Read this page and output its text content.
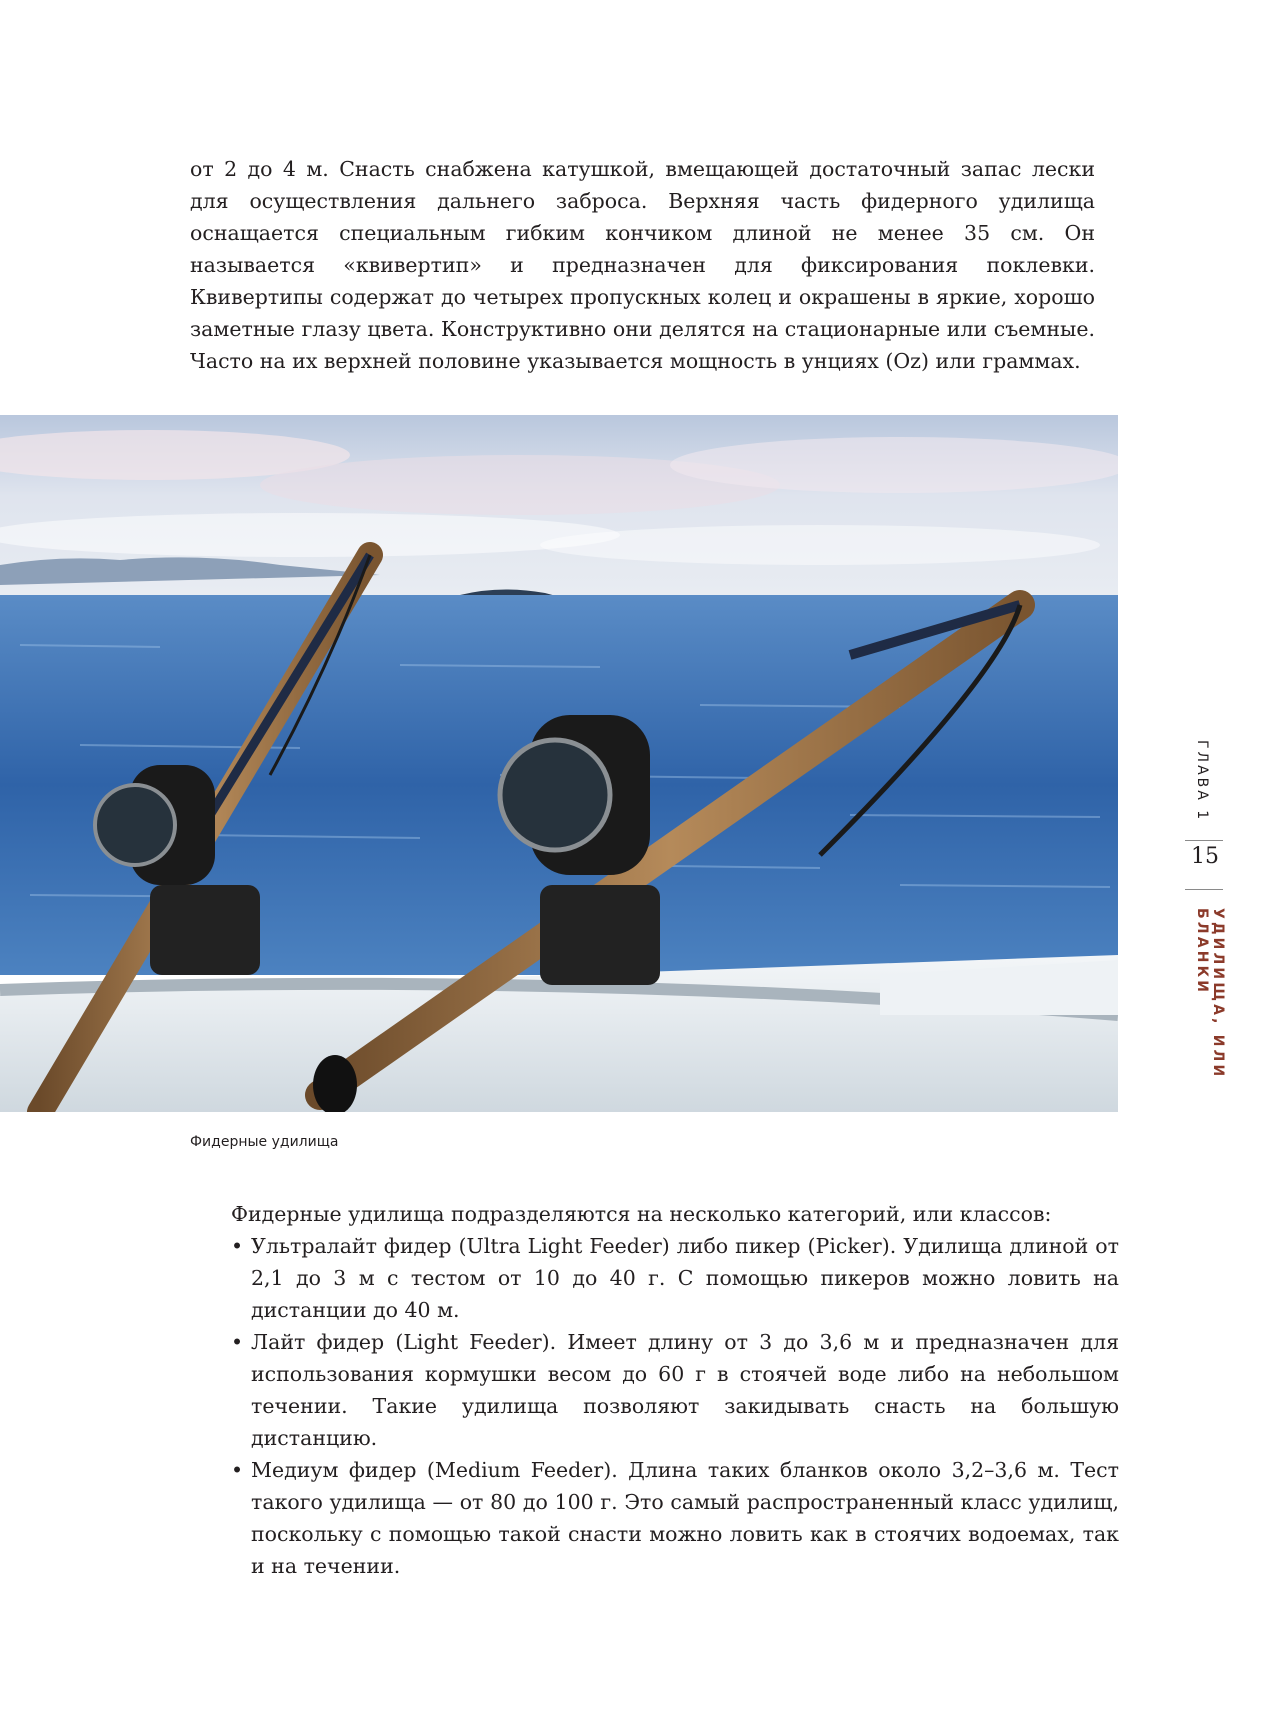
от 2 до 4 м. Снасть снабжена катушкой, вмещающей достаточный запас лески для осуществления дальнего заброса. Верхняя часть фидерного удилища оснащается специальным гибким кончиком длиной не менее 35 см. Он называется «квивертип» и предназначен для фиксирования поклевки. Квивертипы содержат до четырех пропускных колец и окрашены в яркие, хорошо заметные глазу цвета. Конструктивно они делятся на стационарные или съемные. Часто на их верхней половине указывается мощность в унциях (Oz) или граммах.

Фидерные удилища

Фидерные удилища подразделяются на несколько категорий, или классов:

• Ультралайт фидер (Ultra Light Feeder) либо пикер (Picker). Удилища длиной от 2,1 до 3 м с тестом от 10 до 40 г. С помощью пикеров можно ловить на дистанции до 40 м.
• Лайт фидер (Light Feeder). Имеет длину от 3 до 3,6 м и предназначен для использования кормушки весом до 60 г в стоячей воде либо на небольшом течении. Такие удилища позволяют закидывать снасть на большую дистанцию.
• Медиум фидер (Medium Feeder). Длина таких бланков около 3,2–3,6 м. Тест такого удилища — от 80 до 100 г. Это самый распространенный класс удилищ, поскольку с помощью такой снасти можно ловить как в стоячих водоемах, так и на течении.
ГЛАВА 1
15
УДИЛИЩА, ИЛИ БЛАНКИ
